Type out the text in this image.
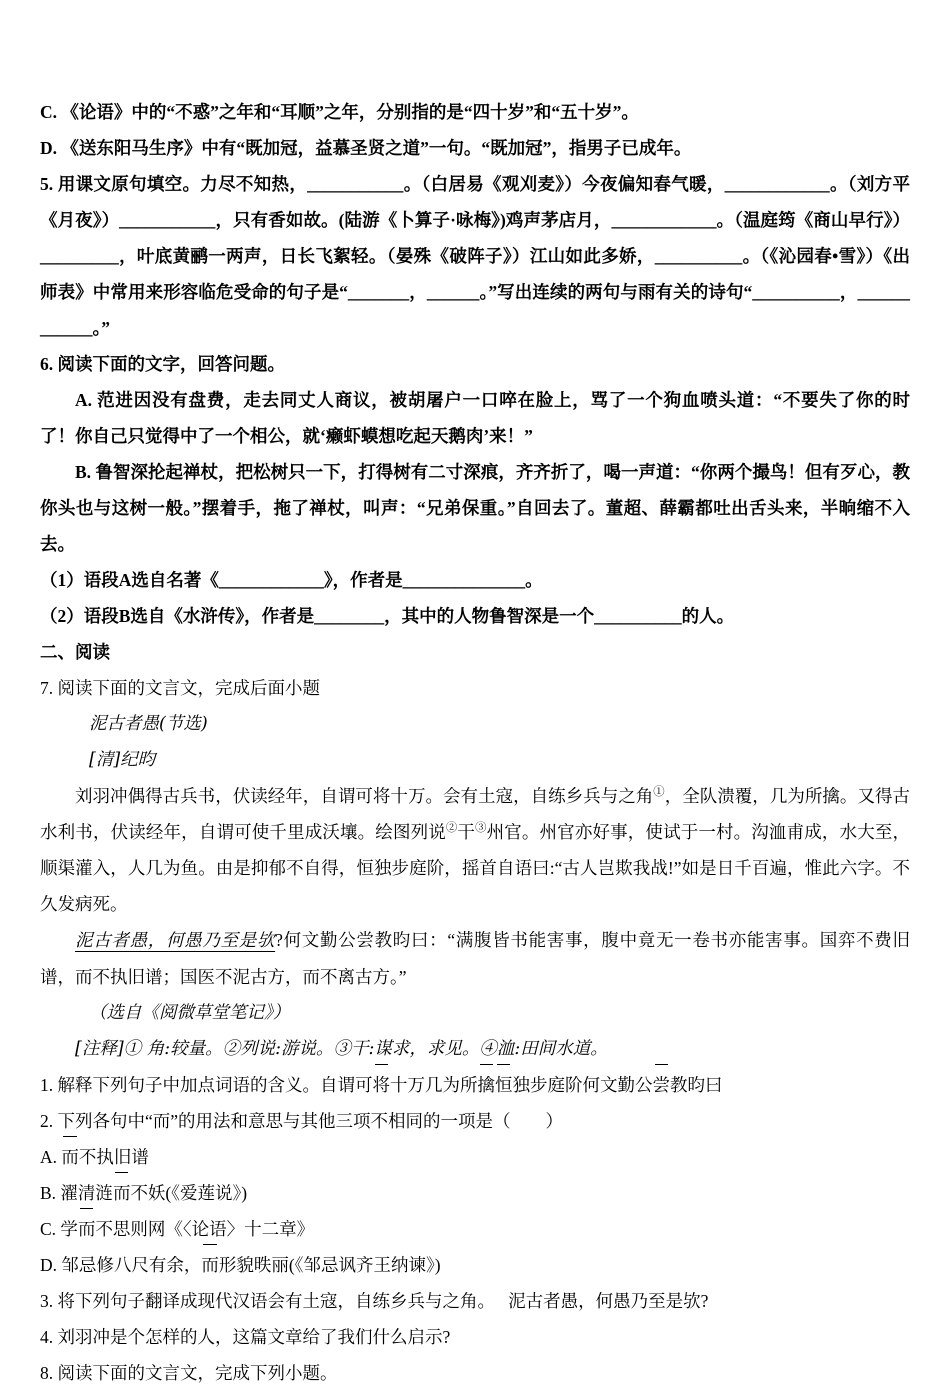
C. 《论语》中的“不惑”之年和“耳顺”之年，分别指的是“四十岁”和“五十岁”。

D. 《送东阳马生序》中有“既加冠，益慕圣贤之道”一句。“既加冠”，指男子已成年。

5. 用课文原句填空。力尽不知热，___________。（白居易《观刈麦》）今夜偏知春气暖，____________。（刘方平《月夜》）___________，只有香如故。(陆游《卜算子·咏梅》)鸡声茅店月，____________。（温庭筠《商山早行》）_________，叶底黄鹂一两声，日长飞絮轻。（晏殊《破阵子》）江山如此多娇，__________。（《沁园春•雪》）《出师表》中常用来形容临危受命的句子是“_______，______。”写出连续的两句与雨有关的诗句“__________，____________。”

6. 阅读下面的文字，回答问题。

A. 范进因没有盘费，走去同丈人商议，被胡屠户一口啐在脸上，骂了一个狗血喷头道：“不要失了你的时了！你自己只觉得中了一个相公，就‘癞虾蟆想吃起天鹅肉’来！”

B. 鲁智深抡起禅杖，把松树只一下，打得树有二寸深痕，齐齐折了，喝一声道：“你两个撮鸟！但有歹心，教你头也与这树一般。”摆着手，拖了禅杖，叫声：“兄弟保重。”自回去了。董超、薛霸都吐出舌头来，半晌缩不入去。

（1）语段A选自名著《____________》，作者是______________。

（2）语段B选自《水浒传》，作者是________，其中的人物鲁智深是一个__________的人。

二、阅读

7. 阅读下面的文言文，完成后面小题

泥古者愚(节选)

[清]纪昀

刘羽冲偶得古兵书，伏读经年，自谓可将十万。会有土寇，自练乡兵与之角①，全队溃覆，几为所擒。又得古水利书，伏读经年，自谓可使千里成沃壤。绘图列说②干③州官。州官亦好事，使试于一村。沟洫甫成，水大至，顺渠灌入，人几为鱼。由是抑郁不自得，恒独步庭阶，摇首自语曰:“古人岂欺我战!”如是日千百遍，惟此六字。不久发病死。

泥古者愚，何愚乃至是欤?何文勤公尝教昀曰：“满腹皆书能害事，腹中竟无一卷书亦能害事。国弈不费旧谱，而不执旧谱；国医不泥古方，而不离古方。”

（选自《阅微草堂笔记》）

[注释]① 角:较量。②列说:游说。③干:谋求，求见。④洫:田间水道。

1. 解释下列句子中加点词语的含义。自谓可将十万几为所擒恒独步庭阶何文勤公尝教昀曰

2. 下列各句中“而”的用法和意思与其他三项不相同的一项是（　　）

A. 而不执旧谱

B. 濯清涟而不妖(《爱莲说》)

C. 学而不思则网《〈论语〉十二章》

D. 邹忌修八尺有余，而形貌昳丽(《邹忌讽齐王纳谏》)

3. 将下列句子翻译成现代汉语会有土寇，自练乡兵与之角。　 泥古者愚，何愚乃至是欤?

4. 刘羽冲是个怎样的人，这篇文章给了我们什么启示?

8. 阅读下面的文言文，完成下列小题。
